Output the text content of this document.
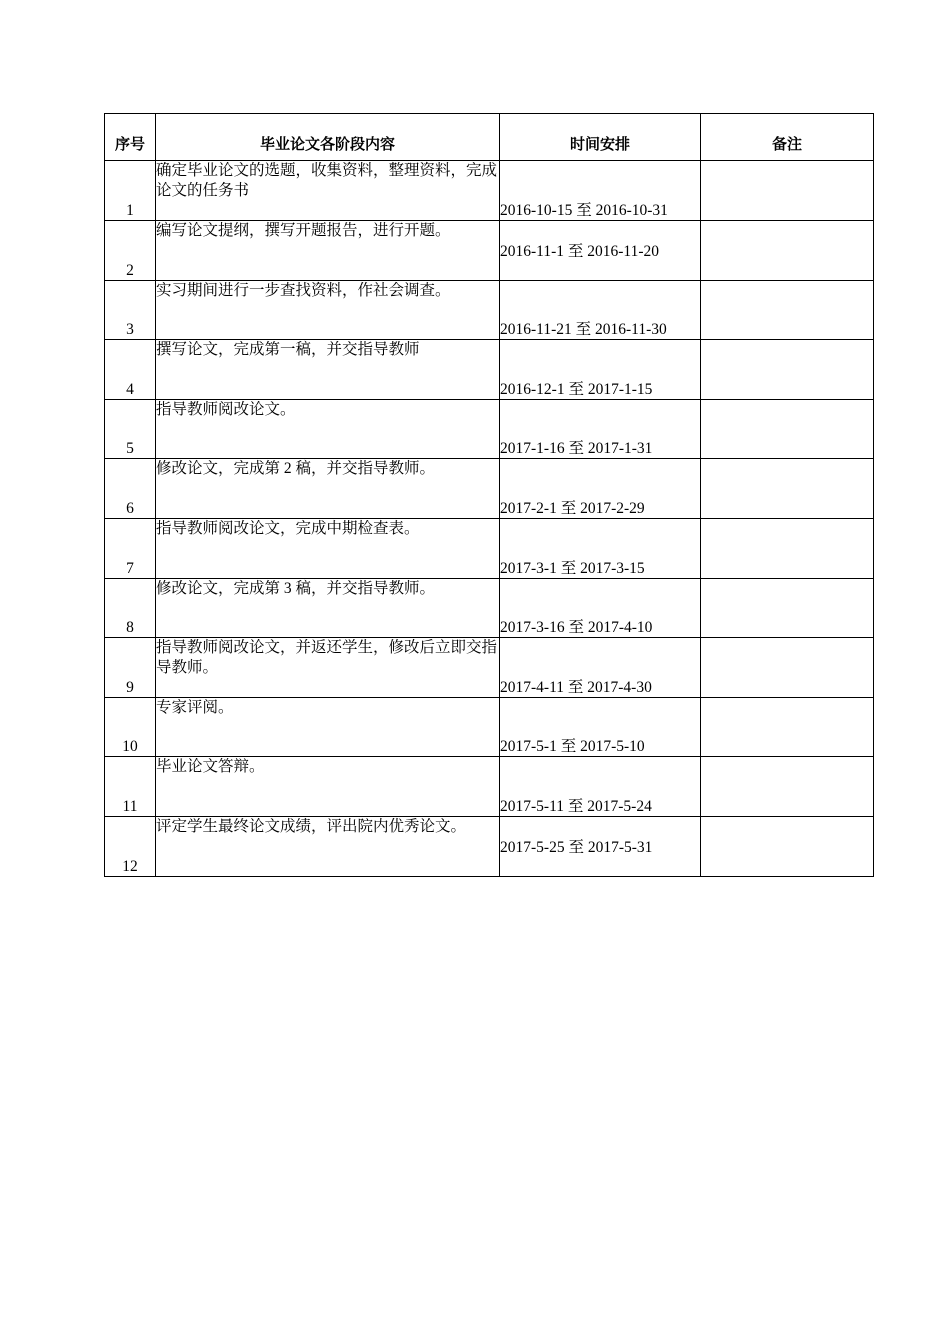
序号	毕业论文各阶段内容	时间安排	备注
1	确定毕业论文的选题，收集资料，整理资料，完成论文的任务书	2016-10-15 至 2016-10-31	
2	编写论文提纲，撰写开题报告，进行开题。	2016-11-1 至 2016-11-20	
3	实习期间进行一步查找资料，作社会调查。	2016-11-21 至 2016-11-30	
4	撰写论文，完成第一稿，并交指导教师	2016-12-1 至 2017-1-15	
5	指导教师阅改论文。	2017-1-16 至 2017-1-31	
6	修改论文，完成第 2 稿，并交指导教师。	2017-2-1 至 2017-2-29	
7	指导教师阅改论文，完成中期检查表。	2017-3-1 至 2017-3-15	
8	修改论文，完成第 3 稿，并交指导教师。	2017-3-16 至 2017-4-10	
9	指导教师阅改论文，并返还学生，修改后立即交指导教师。	2017-4-11 至 2017-4-30	
10	专家评阅。	2017-5-1 至 2017-5-10	
11	毕业论文答辩。	2017-5-11 至 2017-5-24	
12	评定学生最终论文成绩，评出院内优秀论文。	2017-5-25 至 2017-5-31	
